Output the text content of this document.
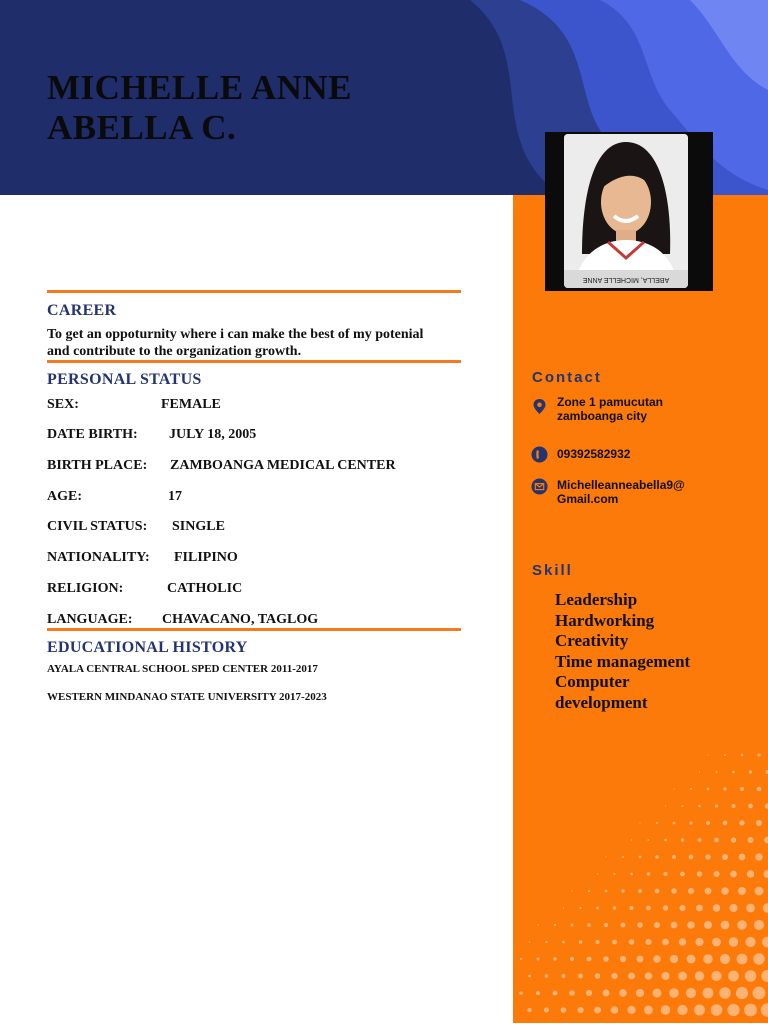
MICHELLE ANNE
ABELLA C.
ABELLA, MICHELLE ANNE
CAREER
To get an oppoturnity where i can make the best of my potenial and contribute to the organization growth.
PERSONAL STATUS
SEX:	FEMALE
DATE BIRTH: JULY 18, 2005
BIRTH PLACE: ZAMBOANGA MEDICAL CENTER
AGE:	17
CIVIL STATUS: SINGLE
NATIONALITY: FILIPINO
RELIGION:	CATHOLIC
LANGUAGE: CHAVACANO, TAGLOG
EDUCATIONAL HISTORY
AYALA CENTRAL SCHOOL SPED CENTER 2011-2017
WESTERN MINDANAO STATE UNIVERSITY 2017-2023
Contact
Zone 1 pamucutan
zamboanga city
09392582932
Michelleanneabella9@
Gmail.com
Skill
Leadership
Hardworking
Creativity
Time management
Computer
development
